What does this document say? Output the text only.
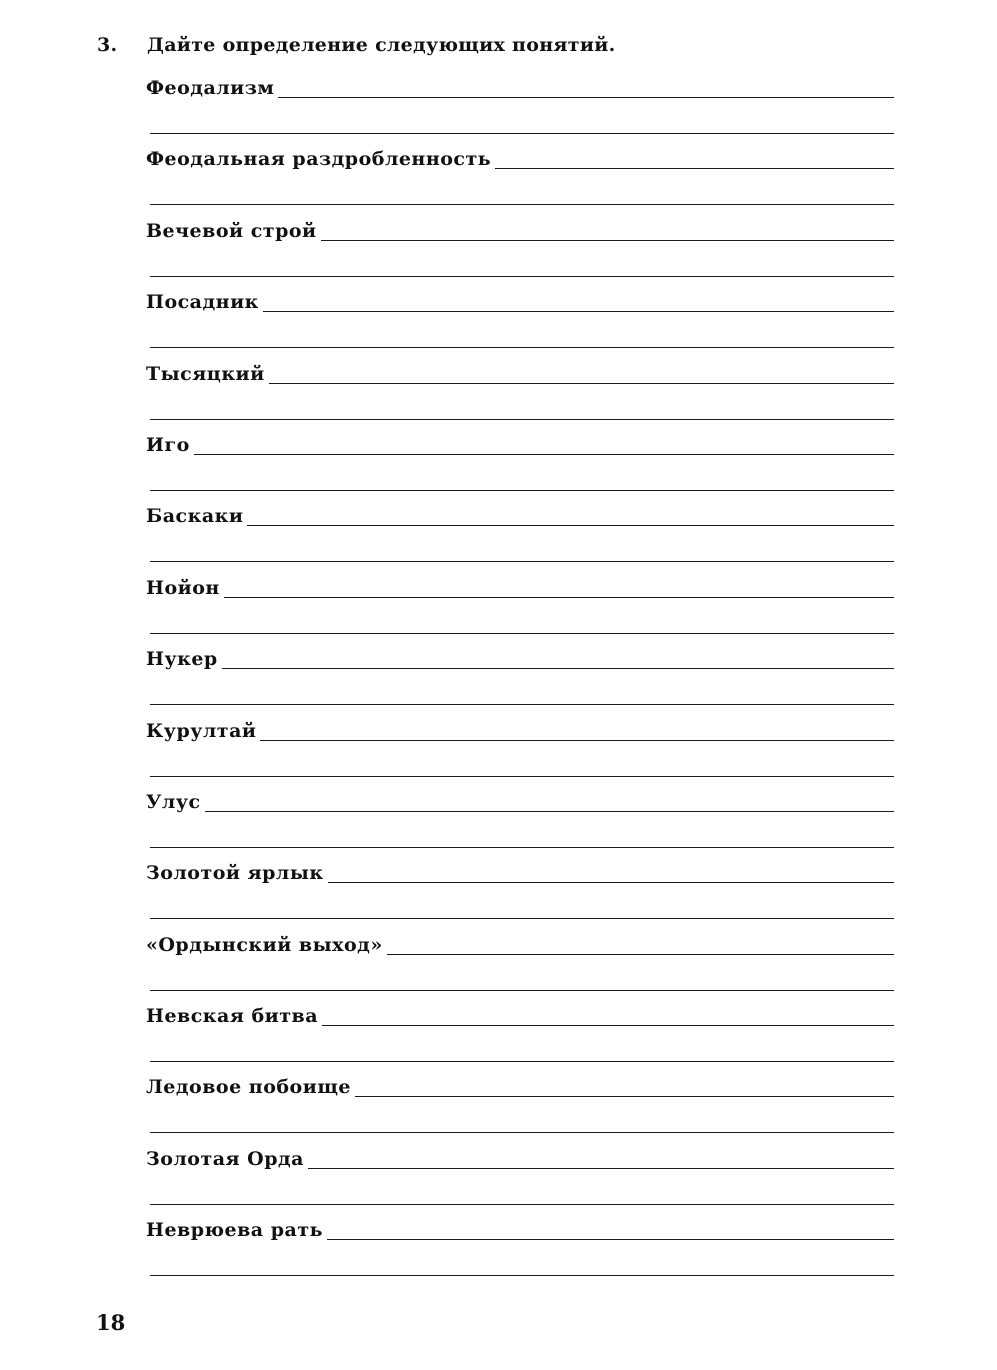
3.	Дайте определение следующих понятий.
Феодализм
Феодальная раздробленность
Вечевой строй
Посадник
Тысяцкий
Иго
Баскаки
Нойон
Нукер
Курултай
Улус
Золотой ярлык
«Ордынский выход»
Невская битва
Ледовое побоище
Золотая Орда
Неврюева рать
18
